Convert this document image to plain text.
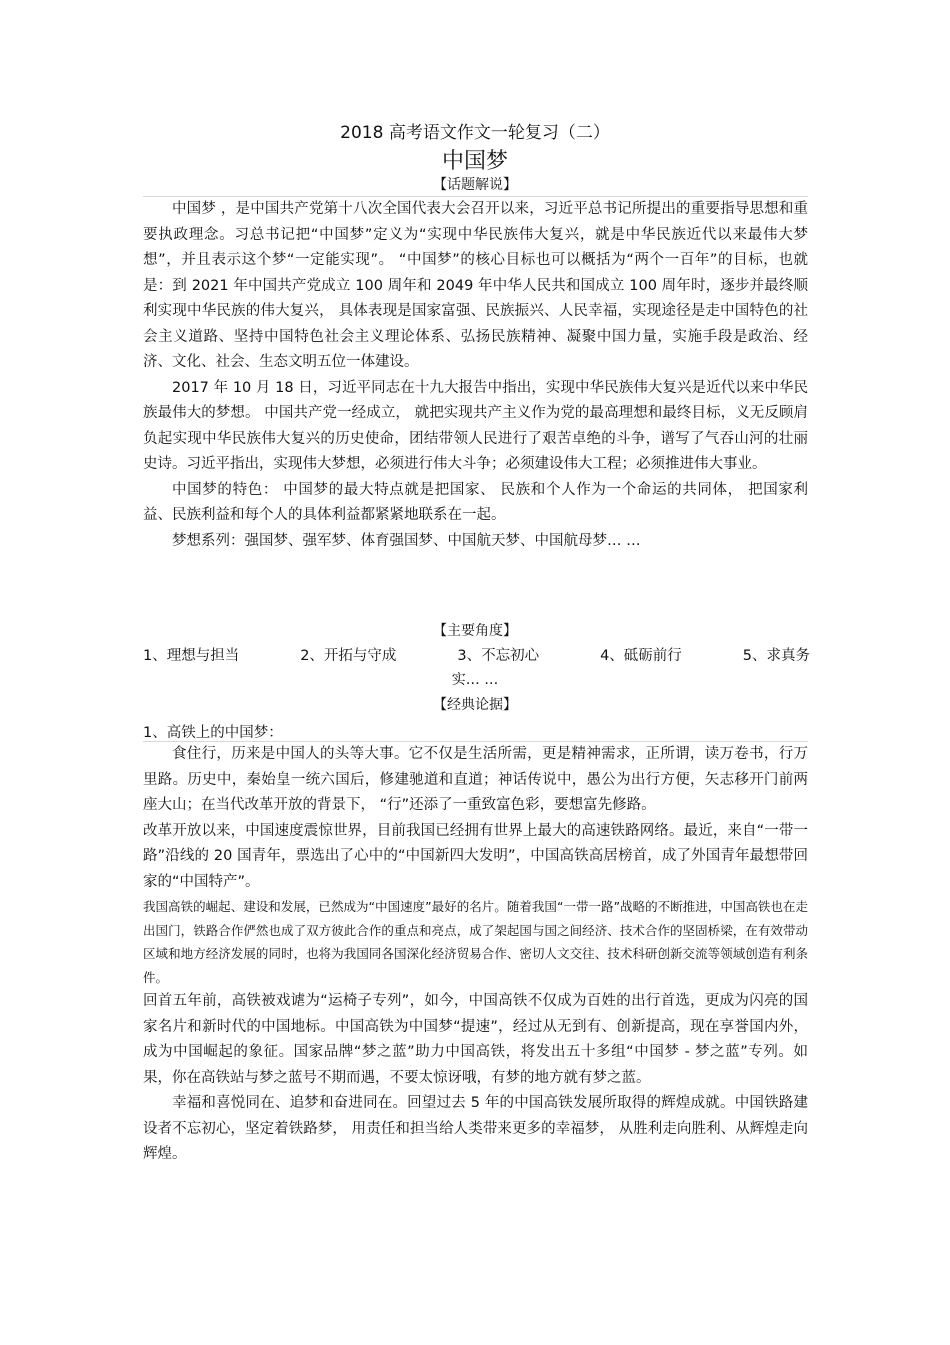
2018 高考语文作文一轮复习（二）
中国梦
【话题解说】

中国梦 ，是中国共产党第十八次全国代表大会召开以来，习近平总书记所提出的重要指导思想和重要执政理念。习总书记把“中国梦”定义为“实现中华民族伟大复兴，就是中华民族近代以来最伟大梦想”，并且表示这个梦“一定能实现”。 “中国梦”的核心目标也可以概括为“两个一百年”的目标，也就是：到 2021 年中国共产党成立 100 周年和 2049 年中华人民共和国成立 100 周年时，逐步并最终顺利实现中华民族的伟大复兴， 具体表现是国家富强、民族振兴、人民幸福，实现途径是走中国特色的社会主义道路、坚持中国特色社会主义理论体系、弘扬民族精神、凝聚中国力量，实施手段是政治、经济、文化、社会、生态文明五位一体建设。

2017 年 10 月 18 日，习近平同志在十九大报告中指出，实现中华民族伟大复兴是近代以来中华民族最伟大的梦想。 中国共产党一经成立， 就把实现共产主义作为党的最高理想和最终目标，义无反顾肩负起实现中华民族伟大复兴的历史使命，团结带领人民进行了艰苦卓绝的斗争，谱写了气吞山河的壮丽史诗。习近平指出，实现伟大梦想，必须进行伟大斗争；必须建设伟大工程；必须推进伟大事业。

中国梦的特色： 中国梦的最大特点就是把国家、 民族和个人作为一个命运的共同体， 把国家利益、民族利益和每个人的具体利益都紧紧地联系在一起。

梦想系列：强国梦、强军梦、体育强国梦、中国航天梦、中国航母梦… …

【主要角度】
1、理想与担当	2、开拓与守成	3、不忘初心	4、砥砺前行	5、求真务
实… …
【经典论据】
1、高铁上的中国梦：

食住行，历来是中国人的头等大事。它不仅是生活所需，更是精神需求，正所谓，读万卷书，行万里路。历史中，秦始皇一统六国后，修建驰道和直道；神话传说中，愚公为出行方便，矢志移开门前两座大山；在当代改革开放的背景下， “行”还添了一重致富色彩，要想富先修路。

改革开放以来，中国速度震惊世界，目前我国已经拥有世界上最大的高速铁路网络。最近，来自“一带一路”沿线的 20 国青年，票选出了心中的“中国新四大发明”，中国高铁高居榜首，成了外国青年最想带回家的“中国特产”。

我国高铁的崛起、建设和发展，已然成为“中国速度”最好的名片。随着我国“一带一路”战略的不断推进，中国高铁也在走出国门，铁路合作俨然也成了双方彼此合作的重点和亮点，成了架起国与国之间经济、技术合作的坚固桥梁，在有效带动区域和地方经济发展的同时，也将为我国同各国深化经济贸易合作、密切人文交往、技术科研创新交流等领域创造有利条件。

回首五年前，高铁被戏谑为“运椅子专列”，如今，中国高铁不仅成为百姓的出行首选，更成为闪亮的国家名片和新时代的中国地标。中国高铁为中国梦“提速”，经过从无到有、创新提高，现在享誉国内外，成为中国崛起的象征。国家品牌“梦之蓝”助力中国高铁，将发出五十多组“中国梦 - 梦之蓝”专列。如果，你在高铁站与梦之蓝号不期而遇，不要太惊讶哦，有梦的地方就有梦之蓝。

幸福和喜悦同在、追梦和奋进同在。回望过去 5 年的中国高铁发展所取得的辉煌成就。中国铁路建设者不忘初心，坚定着铁路梦， 用责任和担当给人类带来更多的幸福梦， 从胜利走向胜利、从辉煌走向辉煌。
